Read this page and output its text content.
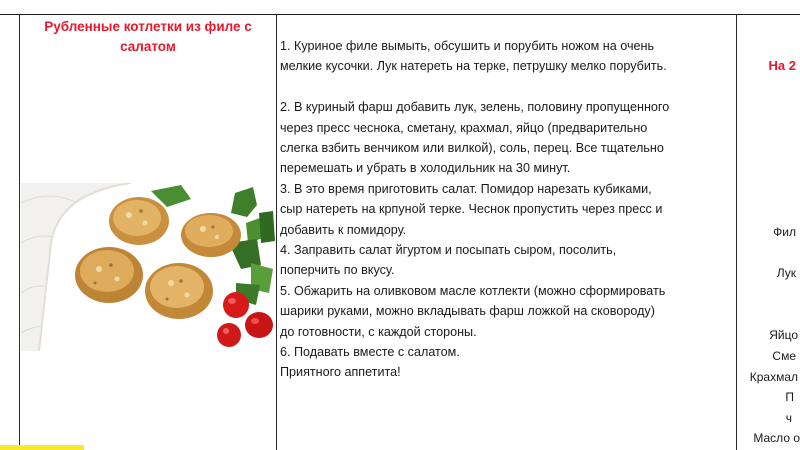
Рубленные котлетки из филе с салатом	1. Куриное филе вымыть, обсушить и порубить ножом на очень

мелкие кусочки. Лук натереть на терке, петрушку мелко порубить.

2. В куриный фарш добавить лук, зелень, половину пропущенного

через пресс чеснока, сметану, крахмал, яйцо (предварительно

слегка взбить венчиком или вилкой), соль, перец. Все тщательно

перемешать и убрать в холодильник на 30 минут.

3. В это время приготовить салат. Помидор нарезать кубиками,

сыр натереть на крпуной терке. Чеснок пропустить через пресс и

добавить к помидору.

4. Заправить салат йгуртом и посыпать сыром, посолить,

поперчить по вкусу.

5. Обжарить на оливковом масле котлекти (можно сформировать

шарики руками, можно вкладывать фарш ложкой на сковороду)

до готовности, с каждой стороны.

6. Подавать вместе с салатом.

Приятного аппетита!

На 2
Фил
Лук
Яйцо
Сме
Крахмал
П
ч
Масло о
